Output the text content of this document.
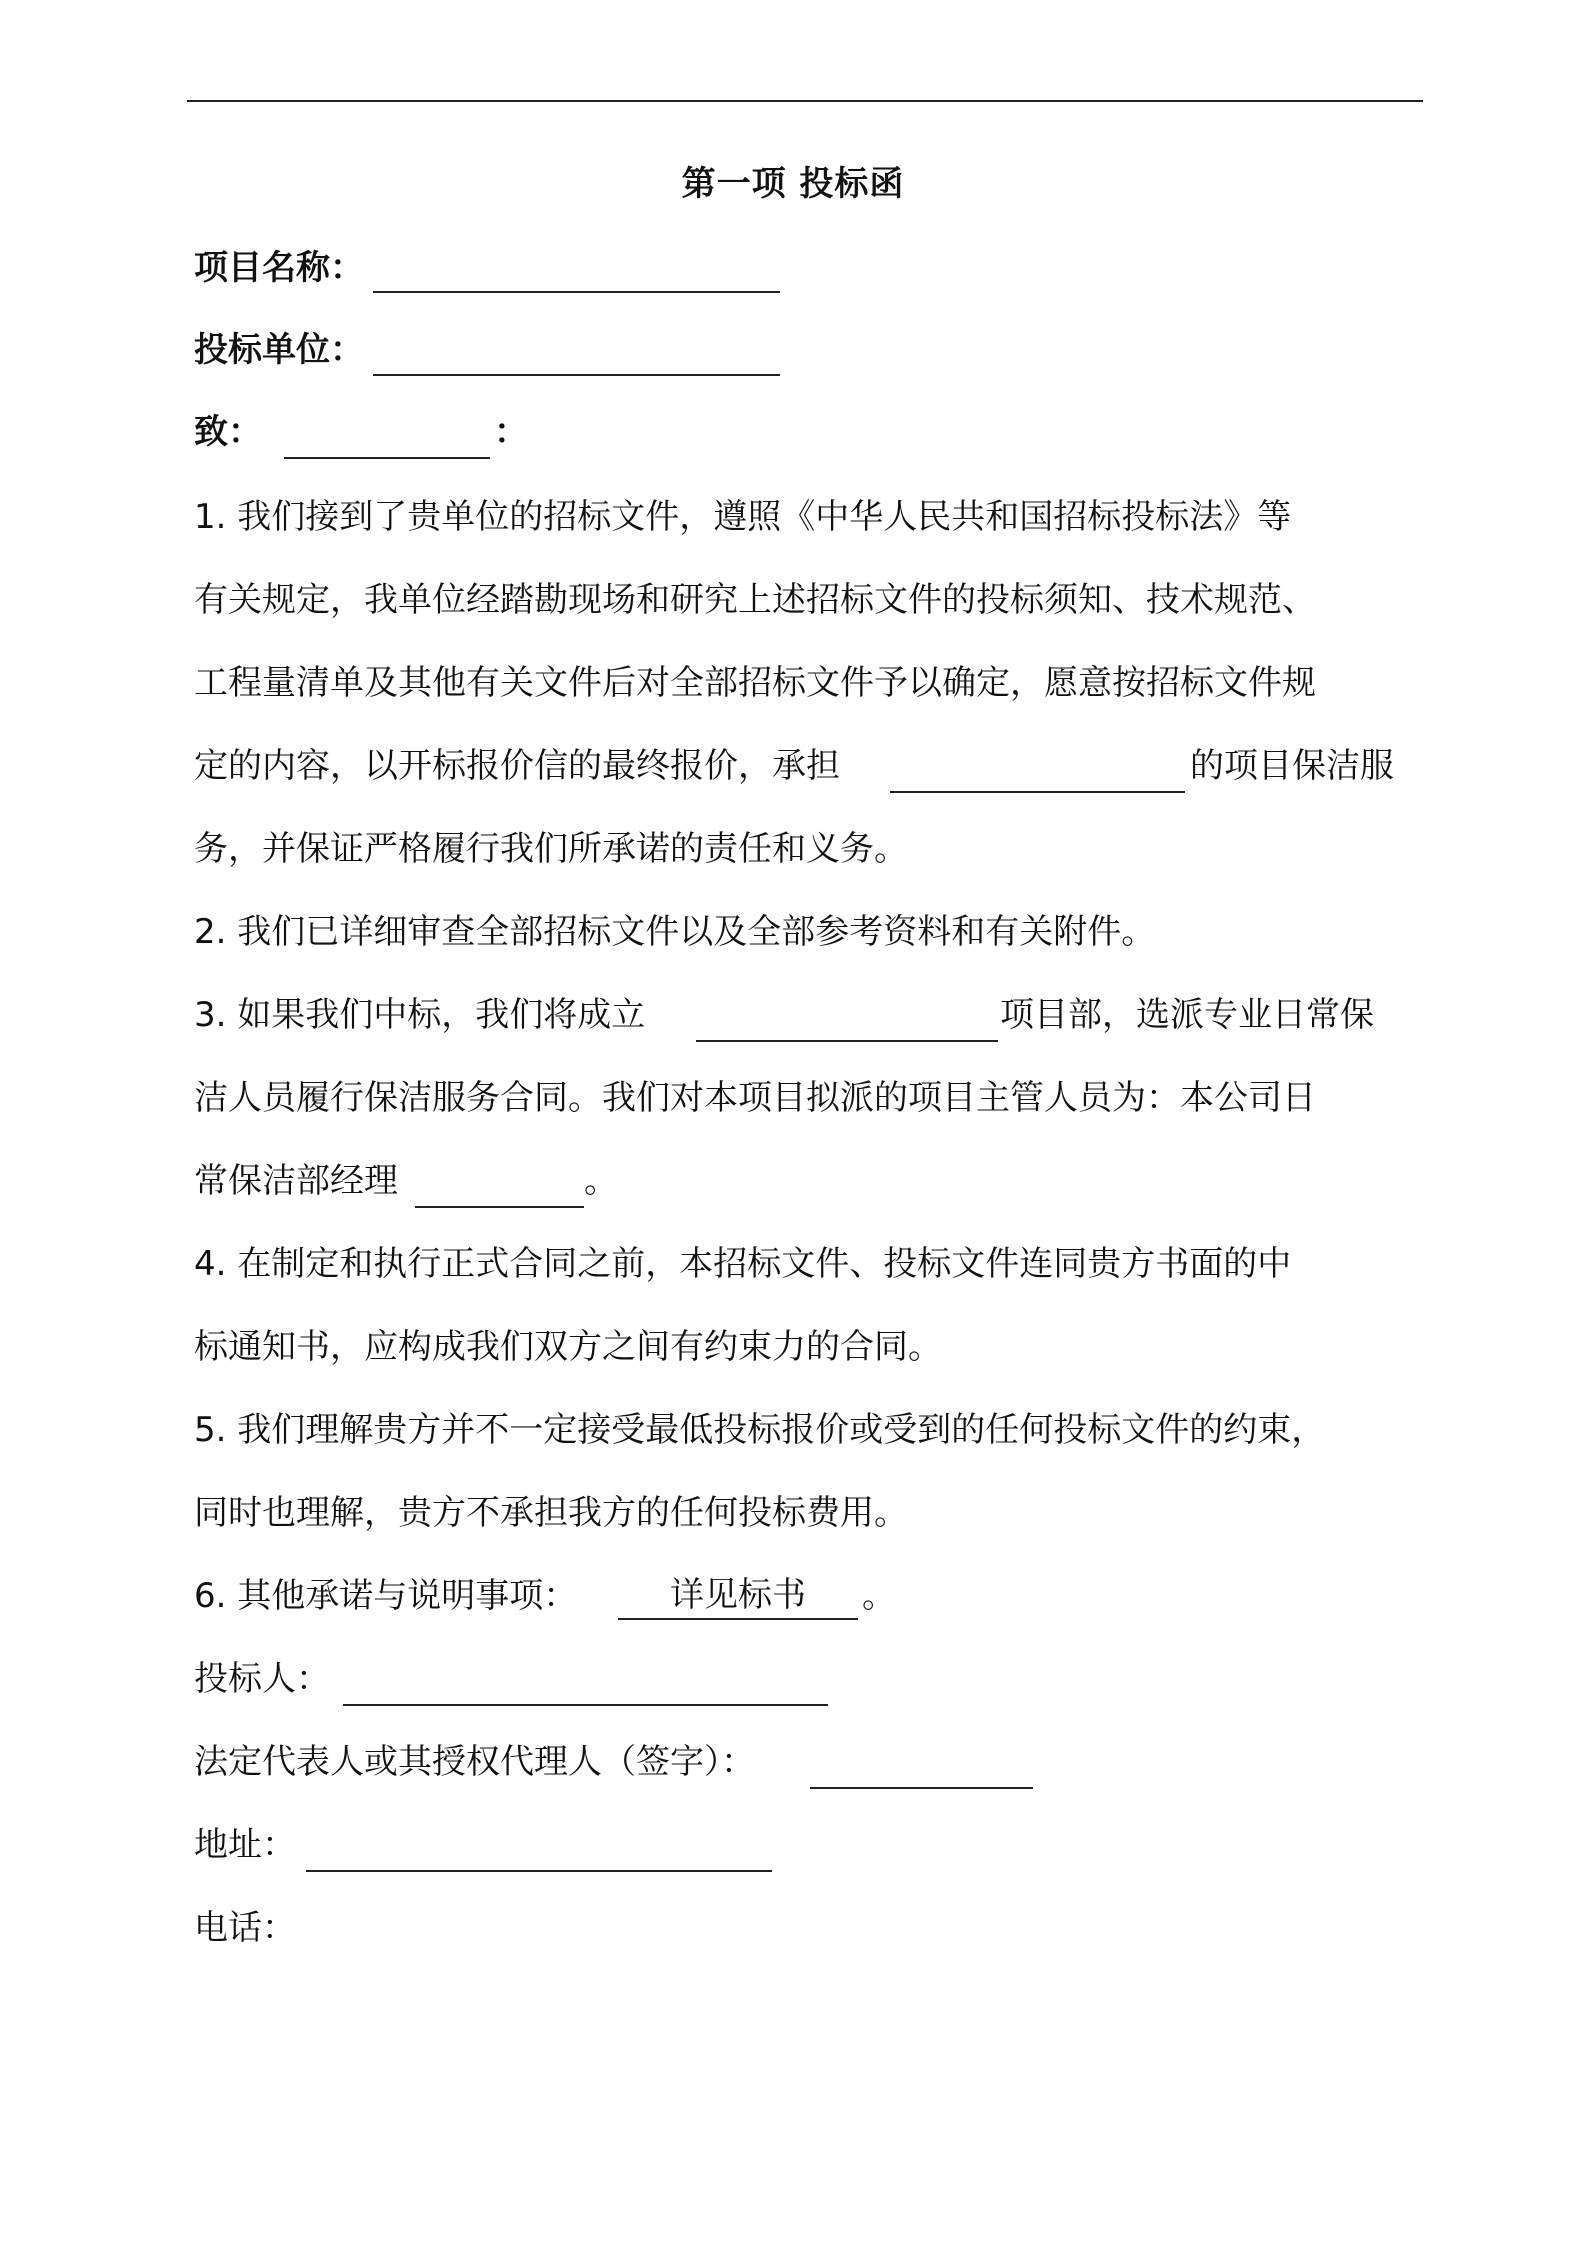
第一项 投标函
项目名称：
投标单位：
致：	：
1. 我们接到了贵单位的招标文件，遵照《中华人民共和国招标投标法》等
有关规定，我单位经踏勘现场和研究上述招标文件的投标须知、技术规范、
工程量清单及其他有关文件后对全部招标文件予以确定，愿意按招标文件规
定的内容，以开标报价信的最终报价，承担	的项目保洁服
务，并保证严格履行我们所承诺的责任和义务。
2. 我们已详细审查全部招标文件以及全部参考资料和有关附件。
3. 如果我们中标，我们将成立	项目部，选派专业日常保
洁人员履行保洁服务合同。我们对本项目拟派的项目主管人员为：本公司日
常保洁部经理	。
4. 在制定和执行正式合同之前，本招标文件、投标文件连同贵方书面的中
标通知书，应构成我们双方之间有约束力的合同。
5. 我们理解贵方并不一定接受最低投标报价或受到的任何投标文件的约束，
同时也理解，贵方不承担我方的任何投标费用。
6. 其他承诺与说明事项：	详见标书	。
投标人：
法定代表人或其授权代理人（签字）：
地址：
电话：
